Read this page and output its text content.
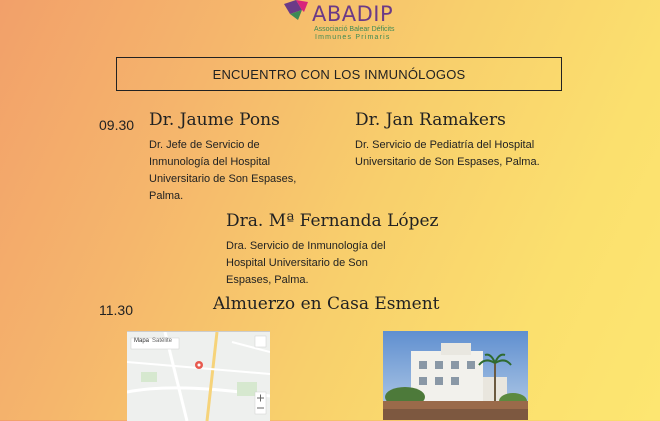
ABADIP
Associació Balear Déficits
Immunes Primaris
ENCUENTRO CON LOS INMUNÓLOGOS
09.30 Dr. Jaume Pons
Dr. Jefe de Servicio de
Inmunología del Hospital
Universitario de Son Espases,
Palma.
Dr. Jan Ramakers
Dr. Servicio de Pediatría del Hospital
Universitario de Son Espases, Palma.
Dra. Mª Fernanda López
Dra. Servicio de Inmunología del
Hospital Universitario de Son
Espases, Palma.
11.30	Almuerzo en Casa Esment
Mapa Satélite
